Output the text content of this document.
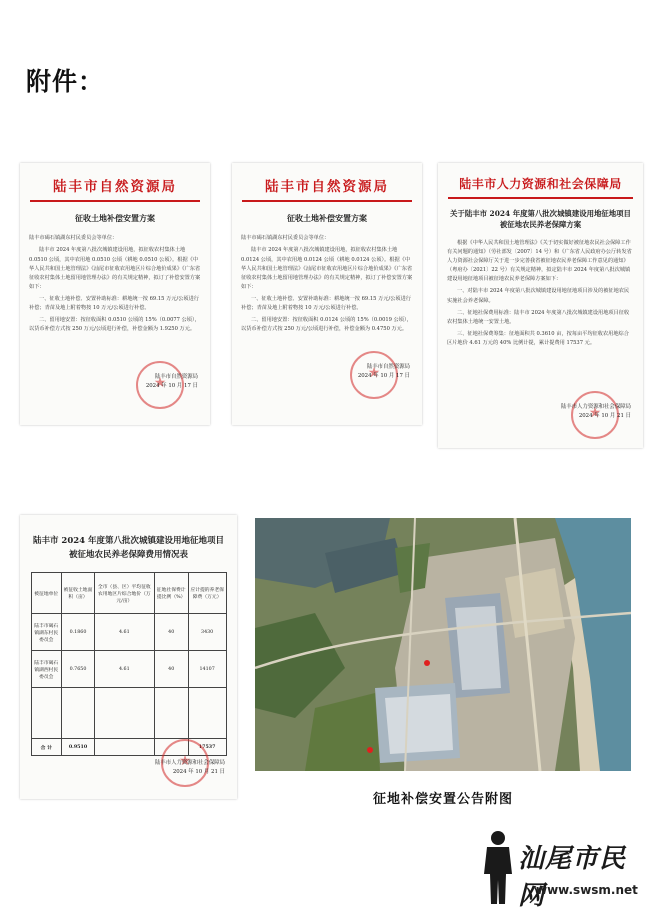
附件：
陆丰市自然资源局
征收土地补偿安置方案
陆丰市碣石镇湖东村民委员会等单位：
陆丰市 2024 年度第八批次城镇建设用地，拟征收农村集体土地 0.0510 公顷，其中农用地 0.0510 公顷（耕地 0.0510 公顷）。根据《中华人民共和国土地管理法》《汕尾市征收农用地区片综合地价成果》《广东省征收农村集体土地留用地管理办法》的有关规定精神，拟订了补偿安置方案如下：
一、征收土地补偿、安置补助标准：耕地统一按 69.15 万元/公顷进行补偿；青苗及地上附着物按 10 万元/公顷进行补偿。
二、留用地安置：按征收面积 0.0510 公顷的 15%（0.0077 公顷），以货币补偿方式按 250 万元/公顷进行补偿，补偿金额为 1.9250 万元。
★
陆丰市自然资源局
2024 年 10 月 17 日
陆丰市自然资源局
征收土地补偿安置方案
陆丰市碣石镇湖东村民委员会等单位：
陆丰市 2024 年度第八批次城镇建设用地，拟征收农村集体土地 0.0124 公顷，其中农用地 0.0124 公顷（耕地 0.0124 公顷）。根据《中华人民共和国土地管理法》《汕尾市征收农用地区片综合地价成果》《广东省征收农村集体土地留用地管理办法》的有关规定精神，拟订了补偿安置方案如下：
一、征收土地补偿、安置补助标准：耕地统一按 69.15 万元/公顷进行补偿；青苗及地上附着物按 10 万元/公顷进行补偿。
二、留用地安置：按征收面积 0.0124 公顷的 15%（0.0019 公顷），以货币补偿方式按 250 万元/公顷进行补偿，补偿金额为 0.4750 万元。
★
陆丰市自然资源局
2024 年 10 月 17 日
陆丰市人力资源和社会保障局
关于陆丰市 2024 年度第八批次城镇建设用地征地项目被征地农民养老保障方案
根据《中华人民共和国土地管理法》《关于切实做好被征地农民社会保障工作有关问题的通知》（劳社部发〔2007〕14 号）和《广东省人民政府办公厅转发省人力资源社会保障厅关于进一步完善我省被征地农民养老保障工作意见的通知》（粤府办〔2021〕22 号）有关规定精神，拟定陆丰市 2024 年度第八批次城镇建设用地征地项目被征地农民养老保障方案如下：
一、对陆丰市 2024 年度第八批次城镇建设用地征地项目涉及的被征地农民实施社会养老保障。
二、征地社保费用标准：陆丰市 2024 年度第八批次城镇建设用地项目征收农村集体土地统一安置土地。
三、征地社保费筹集：征地面积共 0.3610 亩，按每亩平均征收农用地综合区片地价 4.61 万元的 40% 比例计提，累计提费用 17537 元。
★
陆丰市人力资源和社会保障局
2024 年 10 月 21 日
陆丰市 2024 年度第八批次城镇建设用地征地项目被征地农民养老保障费用情况表
被征地单位	被征收土地面积（亩）	全市（县、区）平均征收农用地区片综合地价（万元/亩）	征地社保费计提比例（%）	应计提的养老保障费（万元）
陆丰市碣石镇湖东村民委员会	0.1860	4.61	40	3430
陆丰市碣石镇湖西村民委员会	0.7650	4.61	40	14107

合 计	0.9510			17537
★
陆丰市人力资源和社会保障局
2024 年 10 月 21 日
征地补偿安置公告附图
汕尾市民网
www.swsm.net
